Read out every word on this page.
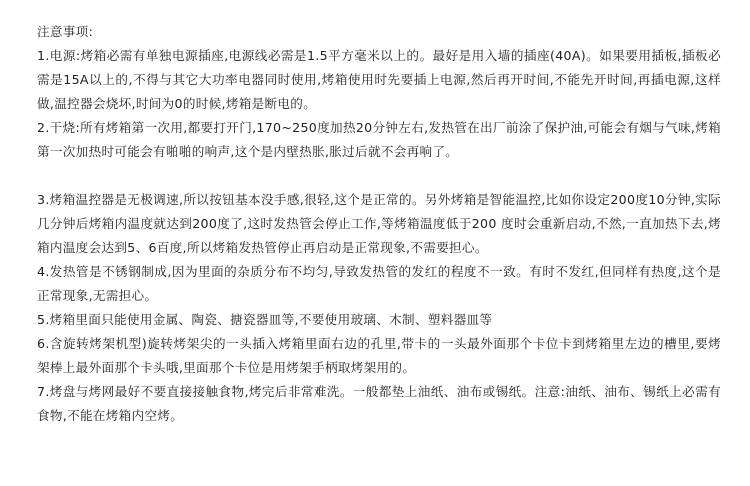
注意事项:

1.电源:烤箱必需有单独电源插座,电源线必需是1.5平方毫米以上的。最好是用入墙的插座(40A)。如果要用插板,插板必需是15A以上的,不得与其它大功率电器同时使用,烤箱使用时先要插上电源,然后再开时间,不能先开时间,再插电源,这样做,温控器会烧坏,时间为0的时候,烤箱是断电的。

2.干烧:所有烤箱第一次用,都要打开门,170~250度加热20分钟左右,发热管在出厂前涂了保护油,可能会有烟与气味,烤箱第一次加热时可能会有啪啪的响声,这个是内壁热胀,胀过后就不会再响了。

3.烤箱温控器是无极调速,所以按钮基本没手感,很轻,这个是正常的。另外烤箱是智能温控,比如你设定200度10分钟,实际几分钟后烤箱内温度就达到200度了,这时发热管会停止工作,等烤箱温度低于200 度时会重新启动,不然,一直加热下去,烤箱内温度会达到5、6百度,所以烤箱发热管停止再启动是正常现象,不需要担心。

4.发热管是不锈钢制成,因为里面的杂质分布不均匀,导致发热管的发红的程度不一致。有时不发红,但同样有热度,这个是正常现象,无需担心。

5.烤箱里面只能使用金属、陶瓷、搪瓷器皿等,不要使用玻璃、木制、塑料器皿等

6.含旋转烤架机型)旋转烤架尖的一头插入烤箱里面右边的孔里,带卡的一头最外面那个卡位卡到烤箱里左边的槽里,要烤架棒上最外面那个卡头哦,里面那个卡位是用烤架手柄取烤架用的。

7.烤盘与烤网最好不要直接接触食物,烤完后非常难洗。一般都垫上油纸、油布或锡纸。注意:油纸、油布、锡纸上必需有食物,不能在烤箱内空烤。
